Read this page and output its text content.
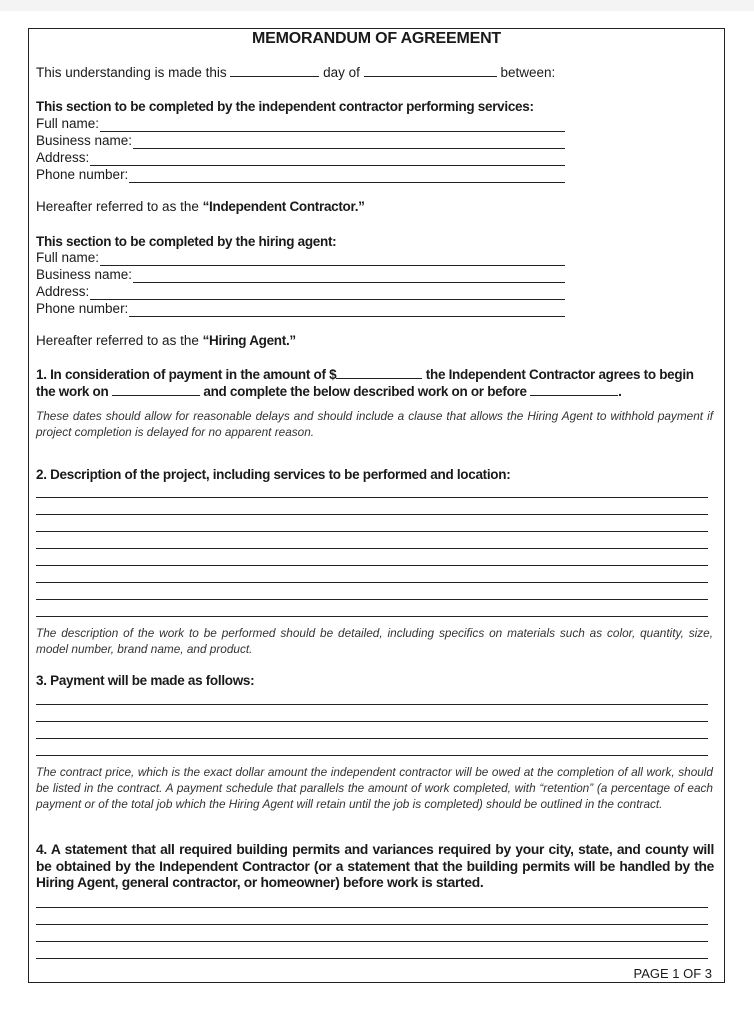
MEMORANDUM OF AGREEMENT
This understanding is made this	day of	between:
This section to be completed by the independent contractor performing services:
Full name:
Business name:
Address:
Phone number:
Hereafter referred to as the “Independent Contractor.”
This section to be completed by the hiring agent:
Full name:
Business name:
Address:
Phone number:
Hereafter referred to as the “Hiring Agent.”
1. In consideration of payment in the amount of $	the Independent Contractor agrees to begin
the work on	and complete the below described work on or before	.
These dates should allow for reasonable delays and should include a clause that allows the Hiring Agent to withhold payment if project completion is delayed for no apparent reason.
2. Description of the project, including services to be performed and location:
The description of the work to be performed should be detailed, including specifics on materials such as color, quantity, size, model number, brand name, and product.
3. Payment will be made as follows:
The contract price, which is the exact dollar amount the independent contractor will be owed at the completion of all work, should be listed in the contract. A payment schedule that parallels the amount of work completed, with “retention” (a percentage of each payment or of the total job which the Hiring Agent will retain until the job is completed) should be outlined in the contract.
4. A statement that all required building permits and variances required by your city, state, and county will be obtained by the Independent Contractor (or a statement that the building permits will be handled by the Hiring Agent, general contractor, or homeowner) before work is started.
PAGE 1 OF 3
